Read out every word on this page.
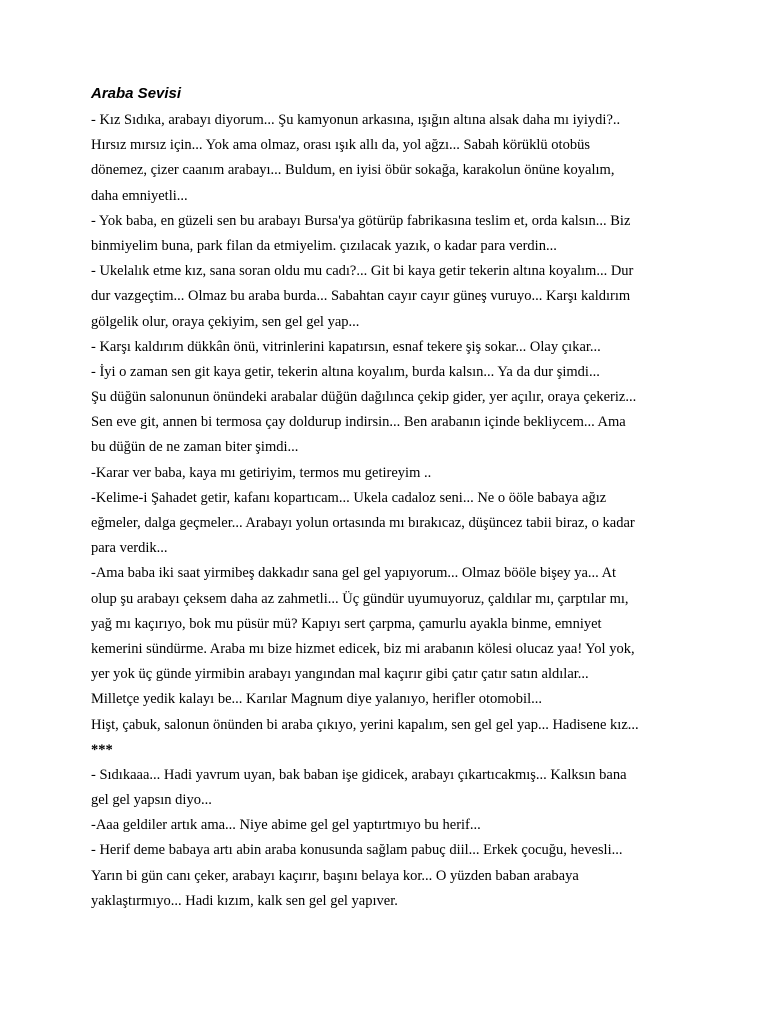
Araba Sevisi
- Kız Sıdıka, arabayı diyorum... Şu kamyonun arkasına, ışığın altına alsak daha mı iyiydi?..
Hırsız mırsız için... Yok ama olmaz, orası ışık allı da, yol ağzı... Sabah körüklü otobüs
dönemez, çizer caanım arabayı... Buldum, en iyisi öbür sokağa, karakolun önüne koyalım,
daha emniyetli...
- Yok baba, en güzeli sen bu arabayı Bursa'ya götürüp fabrikasına teslim et, orda kalsın... Biz
binmiyelim buna, park filan da etmiyelim. çızılacak yazık, o kadar para verdin...
- Ukelalık etme kız, sana soran oldu mu cadı?... Git bi kaya getir tekerin altına koyalım... Dur
dur vazgeçtim... Olmaz bu araba burda... Sabahtan cayır cayır güneş vuruyo... Karşı kaldırım
gölgelik olur, oraya çekiyim, sen gel gel yap...
- Karşı kaldırım dükkân önü, vitrinlerini kapatırsın, esnaf tekere şiş sokar... Olay çıkar...
- İyi o zaman sen git kaya getir, tekerin altına koyalım, burda kalsın... Ya da dur şimdi...
Şu düğün salonunun önündeki arabalar düğün dağılınca çekip gider, yer açılır, oraya çekeriz...
Sen eve git, annen bi termosa çay doldurup indirsin... Ben arabanın içinde bekliycem... Ama
bu düğün de ne zaman biter şimdi...
-Karar ver baba, kaya mı getiriyim, termos mu getireyim ..
-Kelime-i Şahadet getir, kafanı kopartıcam... Ukela cadaloz seni... Ne o ööle babaya ağız
eğmeler, dalga geçmeler... Arabayı yolun ortasında mı bırakıcaz, düşüncez tabii biraz, o kadar
para verdik...
-Ama baba iki saat yirmibeş dakkadır sana gel gel yapıyorum... Olmaz bööle bişey ya... At
olup şu arabayı çeksem daha az zahmetli... Üç gündür uyumuyoruz, çaldılar mı, çarptılar mı,
yağ mı kaçırıyo, bok mu püsür mü? Kapıyı sert çarpma, çamurlu ayakla binme, emniyet
kemerini sündürme. Araba mı bize hizmet edicek, biz mi arabanın kölesi olucaz yaa! Yol yok,
yer yok üç günde yirmibin arabayı yangından mal kaçırır gibi çatır çatır satın aldılar...
Milletçe yedik kalayı be... Karılar Magnum diye yalanıyo, herifler otomobil...
Hişt, çabuk, salonun önünden bi araba çıkıyo, yerini kapalım, sen gel gel yap... Hadisene kız...
***
- Sıdıkaaa... Hadi yavrum uyan, bak baban işe gidicek, arabayı çıkartıcakmış... Kalksın bana
gel gel yapsın diyo...
-Aaa geldiler artık ama... Niye abime gel gel yaptırtmıyo bu herif...
- Herif deme babaya artı abin araba konusunda sağlam pabuç diil... Erkek çocuğu, hevesli...
Yarın bi gün canı çeker, arabayı kaçırır, başını belaya kor... O yüzden baban arabaya
yaklaştırmıyo... Hadi kızım, kalk sen gel gel yapıver.
